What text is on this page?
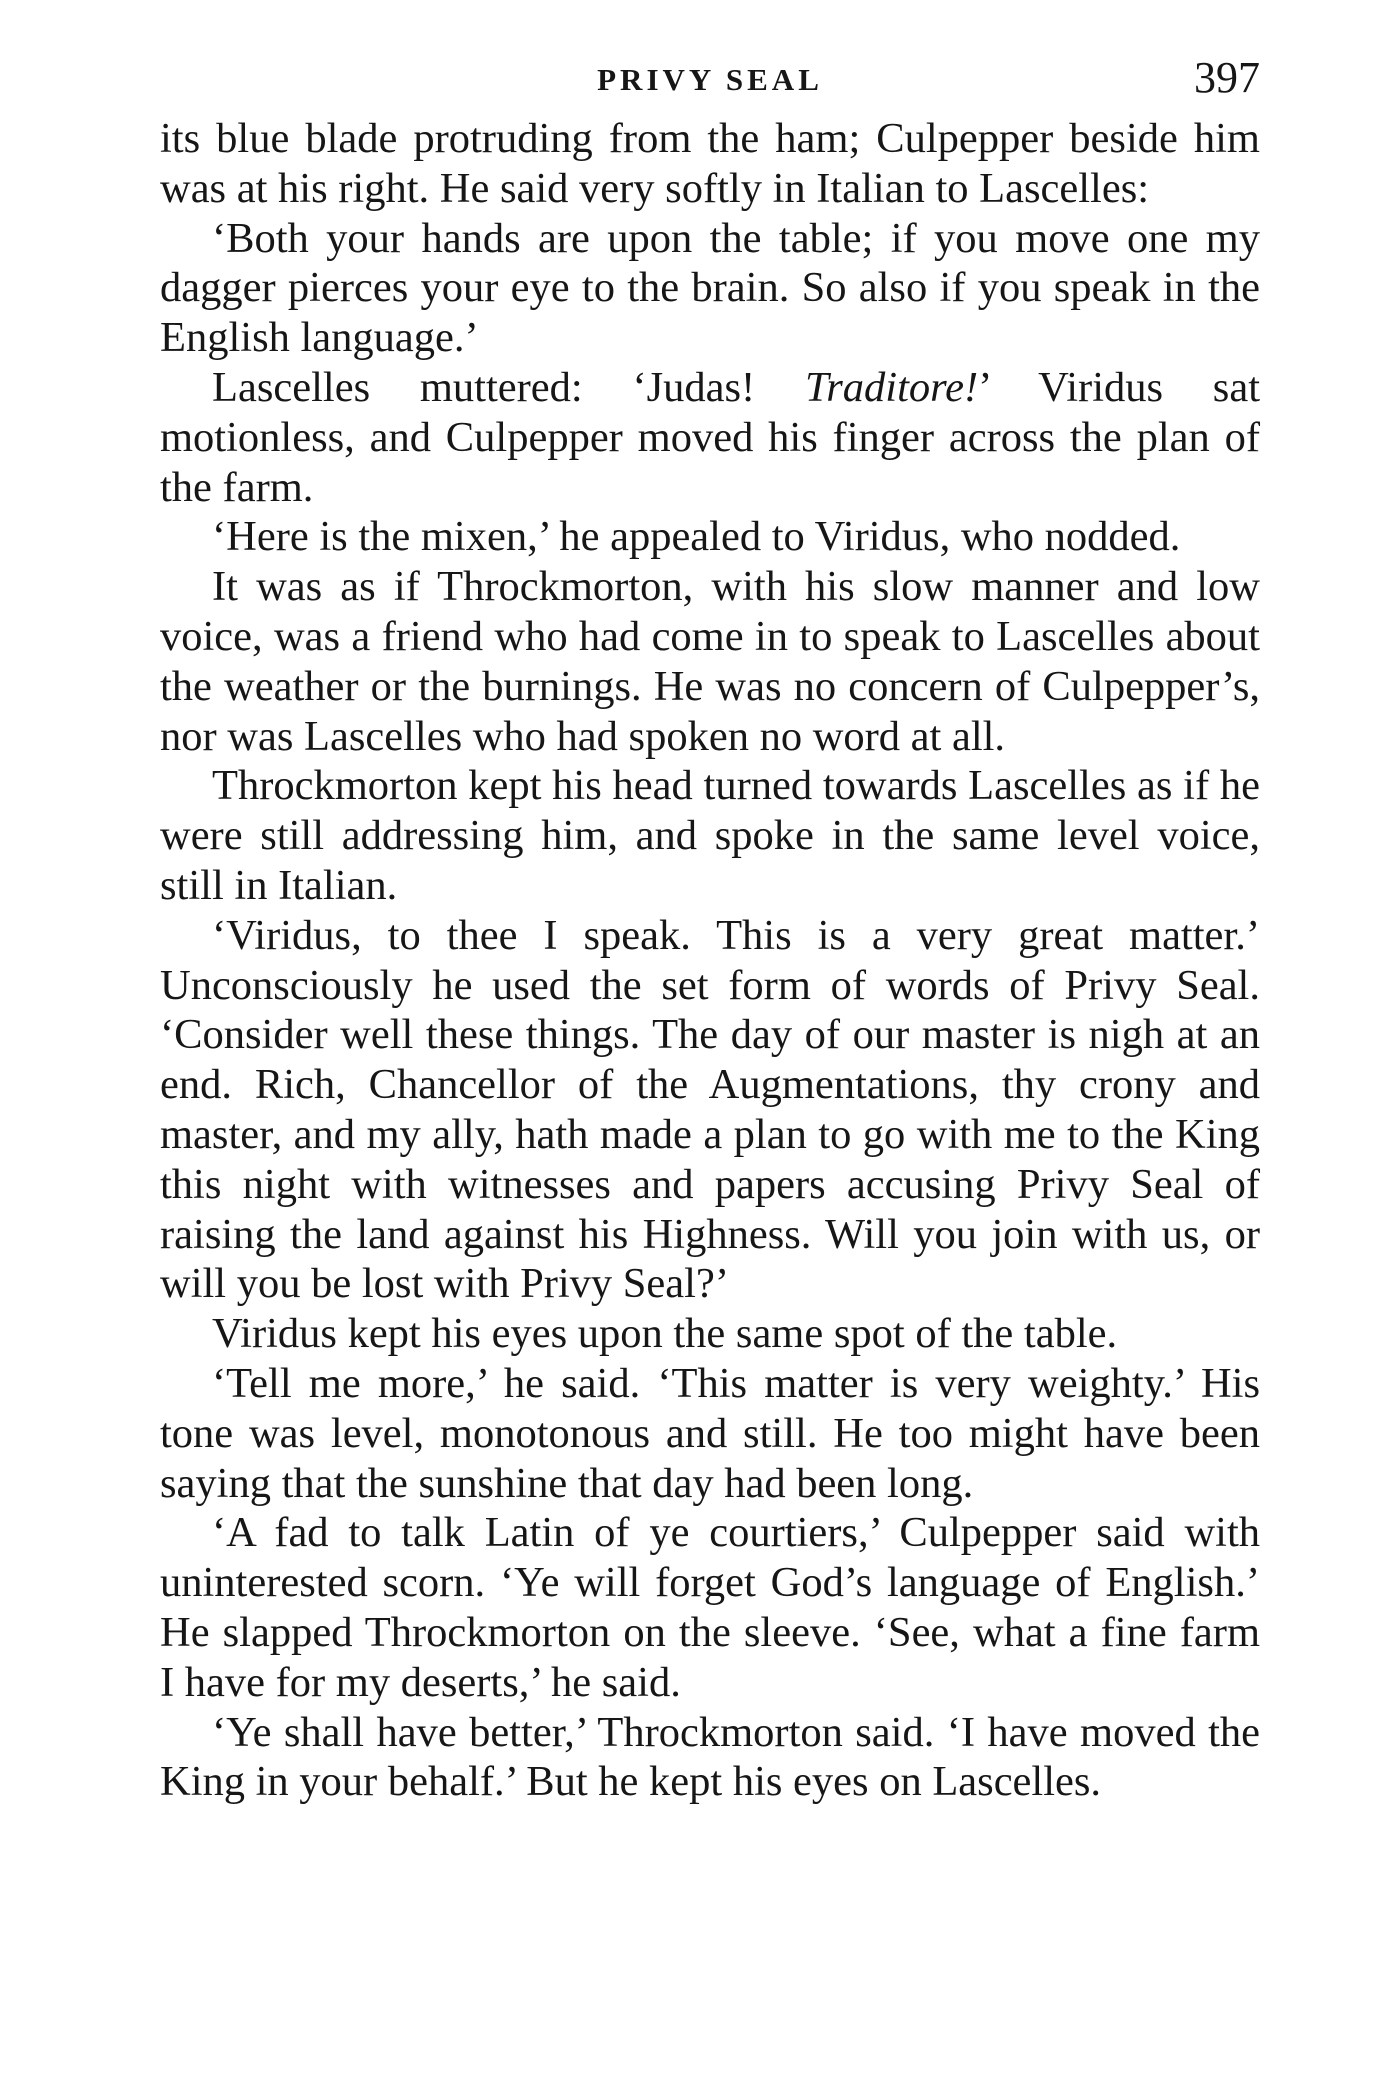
PRIVY SEAL	397

its blue blade protruding from the ham; Culpepper beside him was at his right. He said very softly in Italian to Lascelles:

‘Both your hands are upon the table; if you move one my dagger pierces your eye to the brain. So also if you speak in the English language.’

Lascelles muttered: ‘Judas! Traditore!’ Viridus sat motionless, and Culpepper moved his finger across the plan of the farm.

‘Here is the mixen,’ he appealed to Viridus, who nodded.

It was as if Throckmorton, with his slow manner and low voice, was a friend who had come in to speak to Lascelles about the weather or the burnings. He was no concern of Culpepper’s, nor was Lascelles who had spoken no word at all.

Throckmorton kept his head turned towards Lascelles as if he were still addressing him, and spoke in the same level voice, still in Italian.

‘Viridus, to thee I speak. This is a very great matter.’ Unconsciously he used the set form of words of Privy Seal. ‘Consider well these things. The day of our master is nigh at an end. Rich, Chancellor of the Augmentations, thy crony and master, and my ally, hath made a plan to go with me to the King this night with witnesses and papers accusing Privy Seal of raising the land against his Highness. Will you join with us, or will you be lost with Privy Seal?’

Viridus kept his eyes upon the same spot of the table.

‘Tell me more,’ he said. ‘This matter is very weighty.’ His tone was level, monotonous and still. He too might have been saying that the sunshine that day had been long.

‘A fad to talk Latin of ye courtiers,’ Culpepper said with uninterested scorn. ‘Ye will forget God’s language of English.’ He slapped Throckmorton on the sleeve. ‘See, what a fine farm I have for my deserts,’ he said.

‘Ye shall have better,’ Throckmorton said. ‘I have moved the King in your behalf.’ But he kept his eyes on Lascelles.
